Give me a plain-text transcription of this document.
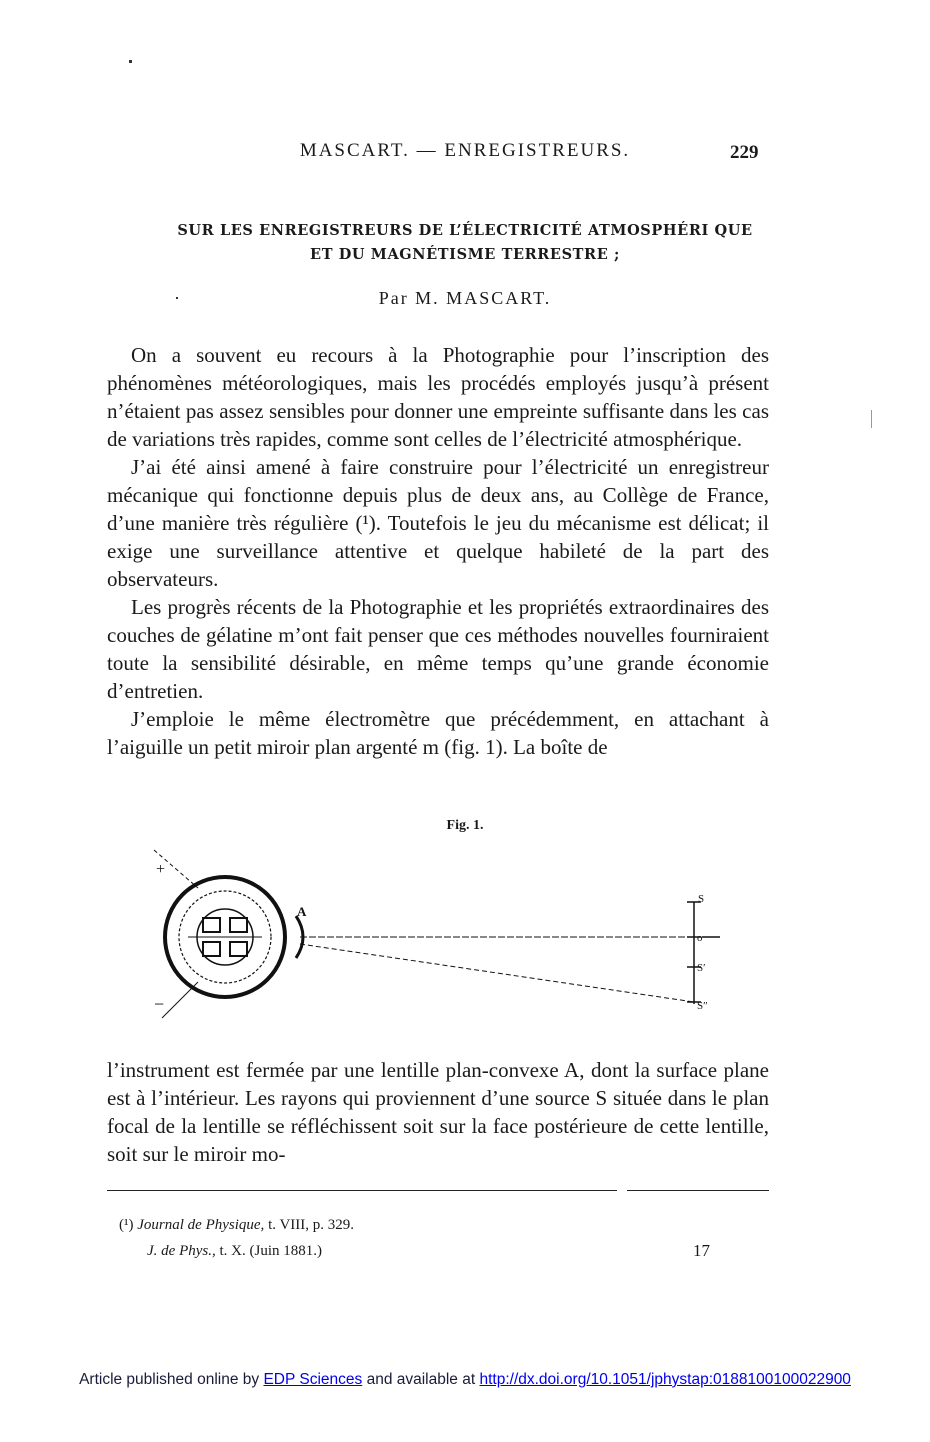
MASCART. — ENREGISTREURS.	229
SUR LES ENREGISTREURS DE L’ÉLECTRICITÉ ATMOSPHÉRI QUE
ET DU MAGNÉTISME TERRESTRE ;
Par M. MASCART.

On a souvent eu recours à la Photographie pour l’inscription des phénomènes météorologiques, mais les procédés employés jusqu’à présent n’étaient pas assez sensibles pour donner une empreinte suffisante dans les cas de variations très rapides, comme sont celles de l’électricité atmosphérique.

J’ai été ainsi amené à faire construire pour l’électricité un enregistreur mécanique qui fonctionne depuis plus de deux ans, au Collège de France, d’une manière très régulière (¹). Toutefois le jeu du mécanisme est délicat; il exige une surveillance attentive et quelque habileté de la part des observateurs.

Les progrès récents de la Photographie et les propriétés extraordinaires des couches de gélatine m’ont fait penser que ces méthodes nouvelles fourniraient toute la sensibilité désirable, en même temps qu’une grande économie d’entretien.

J’emploie le même électromètre que précédemment, en attachant à l’aiguille un petit miroir plan argenté m (fig. 1). La boîte de

Fig. 1.
+
−
A
S
o
S′
S″

l’instrument est fermée par une lentille plan-convexe A, dont la surface plane est à l’intérieur. Les rayons qui proviennent d’une source S située dans le plan focal de la lentille se réfléchissent soit sur la face postérieure de cette lentille, soit sur le miroir mo-

(¹) Journal de Physique, t. VIII, p. 329.
J. de Phys., t. X. (Juin 1881.)	17
Article published online by EDP Sciences and available at http://dx.doi.org/10.1051/jphystap:0188100100022900
